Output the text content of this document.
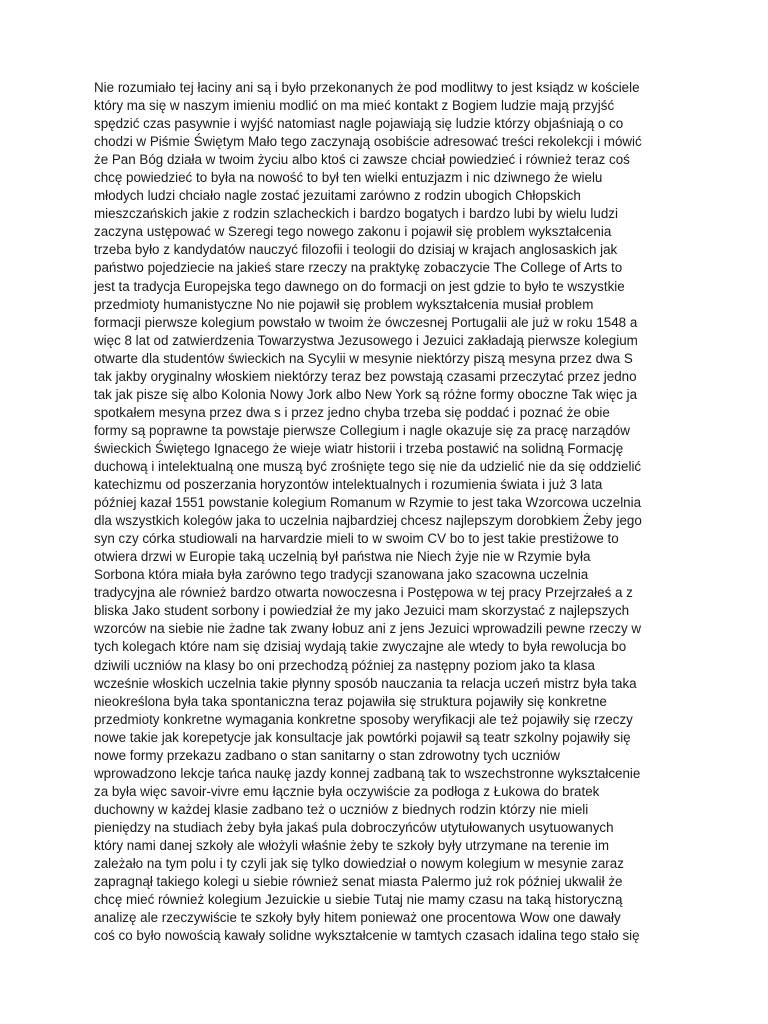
Nie rozumiało tej łaciny ani są i było przekonanych że pod modlitwy to jest ksiądz w kościele
który ma się w naszym imieniu modlić on ma mieć kontakt z Bogiem ludzie mają przyjść
spędzić czas pasywnie i wyjść natomiast nagle pojawiają się ludzie którzy objaśniają o co
chodzi w Piśmie Świętym Mało tego zaczynają osobiście adresować treści rekolekcji i mówić
że Pan Bóg działa w twoim życiu albo ktoś ci zawsze chciał powiedzieć i również teraz coś
chcę powiedzieć to była na nowość to był ten wielki entuzjazm i nic dziwnego że wielu
młodych ludzi chciało nagle zostać jezuitami zarówno z rodzin ubogich Chłopskich
mieszczańskich jakie z rodzin szlacheckich i bardzo bogatych i bardzo lubi by wielu ludzi
zaczyna ustępować w Szeregi tego nowego zakonu i pojawił się problem wykształcenia
trzeba było z kandydatów nauczyć filozofii i teologii do dzisiaj w krajach anglosaskich jak
państwo pojedziecie na jakieś stare rzeczy na praktykę zobaczycie The College of Arts to
jest ta tradycja Europejska tego dawnego on do formacji on jest gdzie to było te wszystkie
przedmioty humanistyczne No nie pojawił się problem wykształcenia musiał problem
formacji pierwsze kolegium powstało w twoim że ówczesnej Portugalii ale już w roku 1548 a
więc 8 lat od zatwierdzenia Towarzystwa Jezusowego i Jezuici zakładają pierwsze kolegium
otwarte dla studentów świeckich na Sycylii w mesynie niektórzy piszą mesyna przez dwa S
tak jakby oryginalny włoskiem niektórzy teraz bez powstają czasami przeczytać przez jedno
tak jak pisze się albo Kolonia Nowy Jork albo New York są różne formy oboczne Tak więc ja
spotkałem mesyna przez dwa s i przez jedno chyba trzeba się poddać i poznać że obie
formy są poprawne ta powstaje pierwsze Collegium i nagle okazuje się za pracę narządów
świeckich Świętego Ignacego że wieje wiatr historii i trzeba postawić na solidną Formację
duchową i intelektualną one muszą być zrośnięte tego się nie da udzielić nie da się oddzielić
katechizmu od poszerzania horyzontów intelektualnych i rozumienia świata i już 3 lata
później kazał 1551 powstanie kolegium Romanum w Rzymie to jest taka Wzorcowa uczelnia
dla wszystkich kolegów jaka to uczelnia najbardziej chcesz najlepszym dorobkiem Żeby jego
syn czy córka studiowali na harvardzie mieli to w swoim CV bo to jest takie prestiżowe to
otwiera drzwi w Europie taką uczelnią był państwa nie Niech żyje nie w Rzymie była
Sorbona która miała była zarówno tego tradycji szanowana jako szacowna uczelnia
tradycyjna ale również bardzo otwarta nowoczesna i Postępowa w tej pracy Przejrzałeś a z
bliska Jako student sorbony i powiedział że my jako Jezuici mam skorzystać z najlepszych
wzorców na siebie nie żadne tak zwany łobuz ani z jens Jezuici wprowadzili pewne rzeczy w
tych kolegach które nam się dzisiaj wydają takie zwyczajne ale wtedy to była rewolucja bo
dziwili uczniów na klasy bo oni przechodzą później za następny poziom jako ta klasa
wcześnie włoskich uczelnia takie płynny sposób nauczania ta relacja uczeń mistrz była taka
nieokreślona była taka spontaniczna teraz pojawiła się struktura pojawiły się konkretne
przedmioty konkretne wymagania konkretne sposoby weryfikacji ale też pojawiły się rzeczy
nowe takie jak korepetycje jak konsultacje jak powtórki pojawił są teatr szkolny pojawiły się
nowe formy przekazu zadbano o stan sanitarny o stan zdrowotny tych uczniów
wprowadzono lekcje tańca naukę jazdy konnej zadbaną tak to wszechstronne wykształcenie
za była więc savoir-vivre emu łącznie była oczywiście za podłoga z Łukowa do bratek
duchowny w każdej klasie zadbano też o uczniów z biednych rodzin którzy nie mieli
pieniędzy na studiach żeby była jakaś pula dobroczyńców utytułowanych usytuowanych
który nami danej szkoły ale włożyli właśnie żeby te szkoły były utrzymane na terenie im
zależało na tym polu i ty czyli jak się tylko dowiedział o nowym kolegium w mesynie zaraz
zapragnął takiego kolegi u siebie również senat miasta Palermo już rok później ukwalił że
chcę mieć również kolegium Jezuickie u siebie Tutaj nie mamy czasu na taką historyczną
analizę ale rzeczywiście te szkoły były hitem ponieważ one procentowa Wow one dawały
coś co było nowością kawały solidne wykształcenie w tamtych czasach idalina tego stało się
